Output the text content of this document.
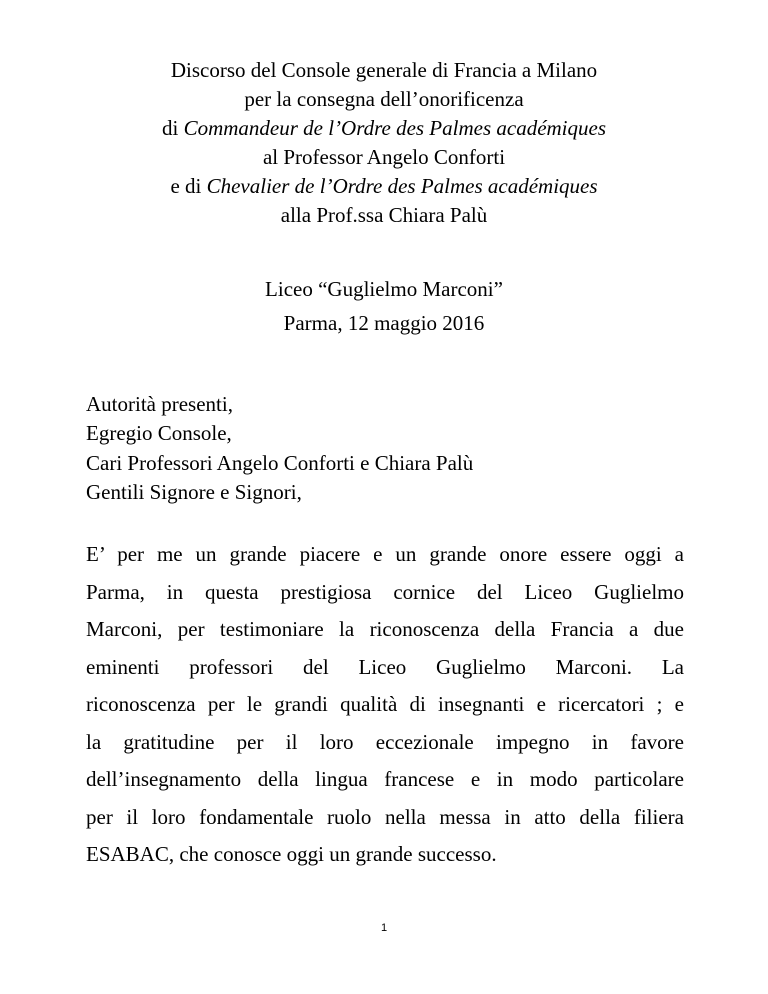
Discorso del Console generale di Francia a Milano
per la consegna dell’onorificenza
di Commandeur de l’Ordre des Palmes académiques
al Professor Angelo Conforti
e di Chevalier de l’Ordre des Palmes académiques
alla Prof.ssa Chiara Palù
Liceo “Guglielmo Marconi”
Parma, 12 maggio 2016
Autorità presenti,
Egregio Console,
Cari Professori Angelo Conforti e Chiara Palù
Gentili Signore e Signori,
E’ per me un grande piacere e un grande onore essere oggi a
Parma, in questa prestigiosa cornice del Liceo Guglielmo
Marconi, per testimoniare la riconoscenza della Francia a due
eminenti professori del Liceo Guglielmo Marconi. La
riconoscenza per le grandi qualità di insegnanti e ricercatori ; e
la gratitudine per il loro eccezionale impegno in favore
dell’insegnamento della lingua francese e in modo particolare
per il loro fondamentale ruolo nella messa in atto della filiera
ESABAC, che conosce oggi un grande successo.
1
